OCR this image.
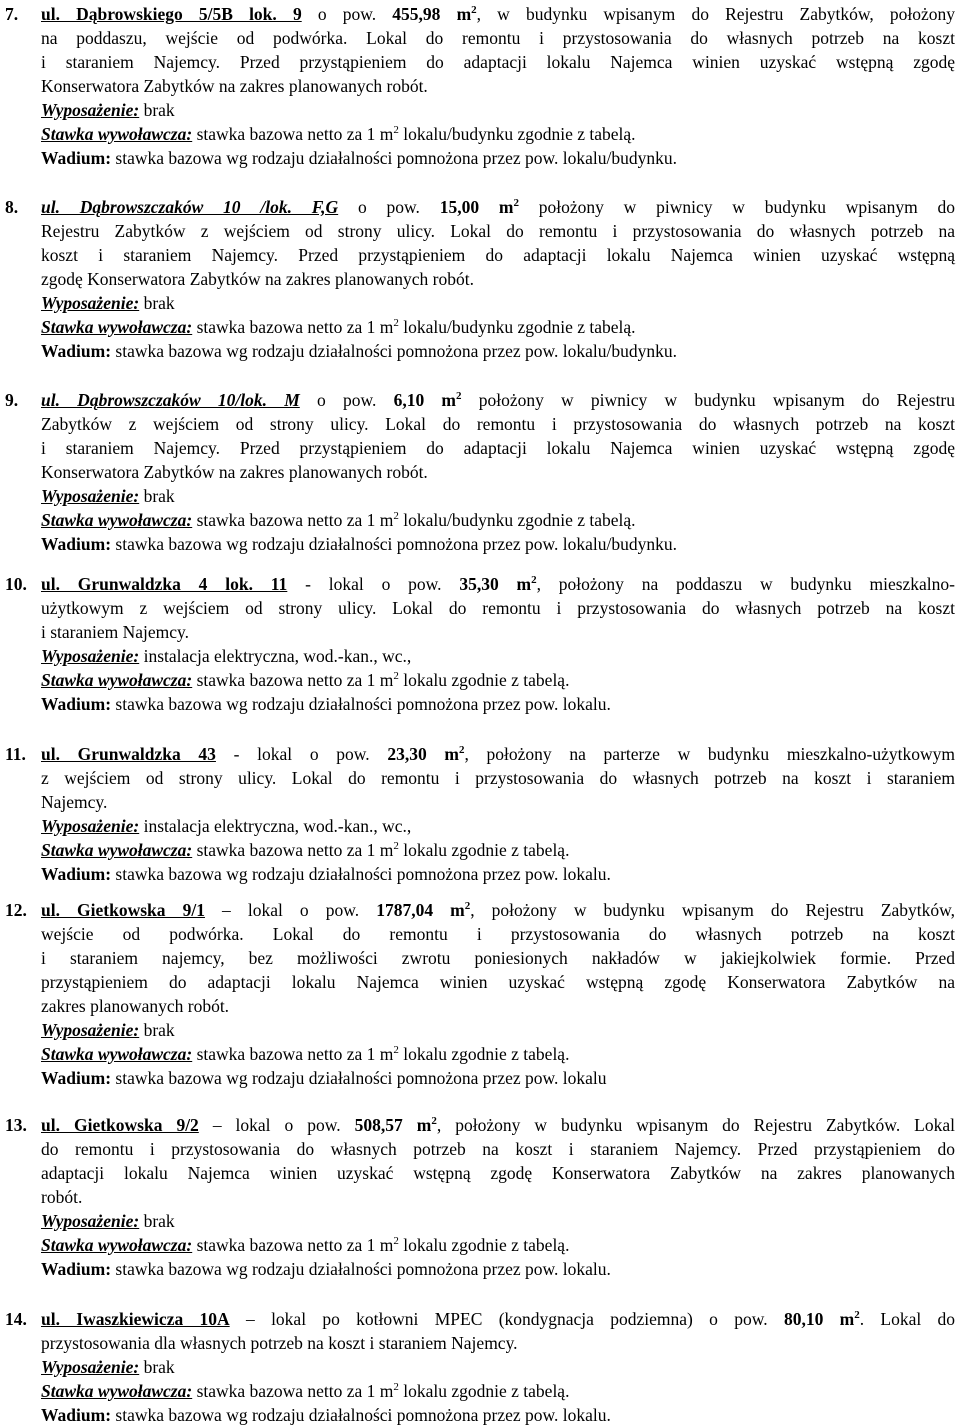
7. ul. Dąbrowskiego 5/5B lok. 9 o pow. 455,98 $m^2$, w budynku wpisanym do Rejestru Zabytków, położony
na poddaszu, wejście od podwórka. Lokal do remontu i przystosowania do własnych potrzeb na koszt
i staraniem Najemcy. Przed przystąpieniem do adaptacji lokalu Najemca winien uzyskać wstępną zgodę
Konserwatora Zabytków na zakres planowanych robót.
Wyposażenie: brak
Stawka wywoławcza: stawka bazowa netto za 1 $m^2$ lokalu/budynku zgodnie z tabelą.
Wadium: stawka bazowa wg rodzaju działalności pomnożona przez pow. lokalu/budynku.
8. ul. Dąbrowszczaków 10 /lok. F,G o pow. 15,00 $m^2$ położony w piwnicy w budynku wpisanym do
Rejestru Zabytków z wejściem od strony ulicy. Lokal do remontu i przystosowania do własnych potrzeb na
koszt i staraniem Najemcy. Przed przystąpieniem do adaptacji lokalu Najemca winien uzyskać wstępną
zgodę Konserwatora Zabytków na zakres planowanych robót.
Wyposażenie: brak
Stawka wywoławcza: stawka bazowa netto za 1 $m^2$ lokalu/budynku zgodnie z tabelą.
Wadium: stawka bazowa wg rodzaju działalności pomnożona przez pow. lokalu/budynku.
9. ul. Dąbrowszczaków 10/lok. M o pow. 6,10 $m^2$ położony w piwnicy w budynku wpisanym do Rejestru
Zabytków z wejściem od strony ulicy. Lokal do remontu i przystosowania do własnych potrzeb na koszt
i staraniem Najemcy. Przed przystąpieniem do adaptacji lokalu Najemca winien uzyskać wstępną zgodę
Konserwatora Zabytków na zakres planowanych robót.
Wyposażenie: brak
Stawka wywoławcza: stawka bazowa netto za 1 $m^2$ lokalu/budynku zgodnie z tabelą.
Wadium: stawka bazowa wg rodzaju działalności pomnożona przez pow. lokalu/budynku.
10. ul. Grunwaldzka 4 lok. 11 - lokal o pow. 35,30 $m^2$, położony na poddaszu w budynku mieszkalno-
użytkowym z wejściem od strony ulicy. Lokal do remontu i przystosowania do własnych potrzeb na koszt
i staraniem Najemcy.
Wyposażenie: instalacja elektryczna, wod.-kan., wc.,
Stawka wywoławcza: stawka bazowa netto za 1 $m^2$ lokalu zgodnie z tabelą.
Wadium: stawka bazowa wg rodzaju działalności pomnożona przez pow. lokalu.
11. ul. Grunwaldzka 43 - lokal o pow. 23,30 $m^2$, położony na parterze w budynku mieszkalno-użytkowym
z wejściem od strony ulicy. Lokal do remontu i przystosowania do własnych potrzeb na koszt i staraniem
Najemcy.
Wyposażenie: instalacja elektryczna, wod.-kan., wc.,
Stawka wywoławcza: stawka bazowa netto za 1 $m^2$ lokalu zgodnie z tabelą.
Wadium: stawka bazowa wg rodzaju działalności pomnożona przez pow. lokalu.
12. ul. Gietkowska 9/1 – lokal o pow. 1787,04 $m^2$, położony w budynku wpisanym do Rejestru Zabytków,
wejście od podwórka. Lokal do remontu i przystosowania do własnych potrzeb na koszt
i staraniem najemcy, bez możliwości zwrotu poniesionych nakładów w jakiejkolwiek formie. Przed
przystąpieniem do adaptacji lokalu Najemca winien uzyskać wstępną zgodę Konserwatora Zabytków na
zakres planowanych robót.
Wyposażenie: brak
Stawka wywoławcza: stawka bazowa netto za 1 $m^2$ lokalu zgodnie z tabelą.
Wadium: stawka bazowa wg rodzaju działalności pomnożona przez pow. lokalu
13. ul. Gietkowska 9/2 – lokal o pow. 508,57 $m^2$, położony w budynku wpisanym do Rejestru Zabytków. Lokal
do remontu i przystosowania do własnych potrzeb na koszt i staraniem Najemcy. Przed przystąpieniem do
adaptacji lokalu Najemca winien uzyskać wstępną zgodę Konserwatora Zabytków na zakres planowanych
robót.
Wyposażenie: brak
Stawka wywoławcza: stawka bazowa netto za 1 $m^2$ lokalu zgodnie z tabelą.
Wadium: stawka bazowa wg rodzaju działalności pomnożona przez pow. lokalu.
14. ul. Iwaszkiewicza 10A – lokal po kotłowni MPEC (kondygnacja podziemna) o pow. 80,10 $m^2$. Lokal do
przystosowania dla własnych potrzeb na koszt i staraniem Najemcy.
Wyposażenie: brak
Stawka wywoławcza: stawka bazowa netto za 1 $m^2$ lokalu zgodnie z tabelą.
Wadium: stawka bazowa wg rodzaju działalności pomnożona przez pow. lokalu.
